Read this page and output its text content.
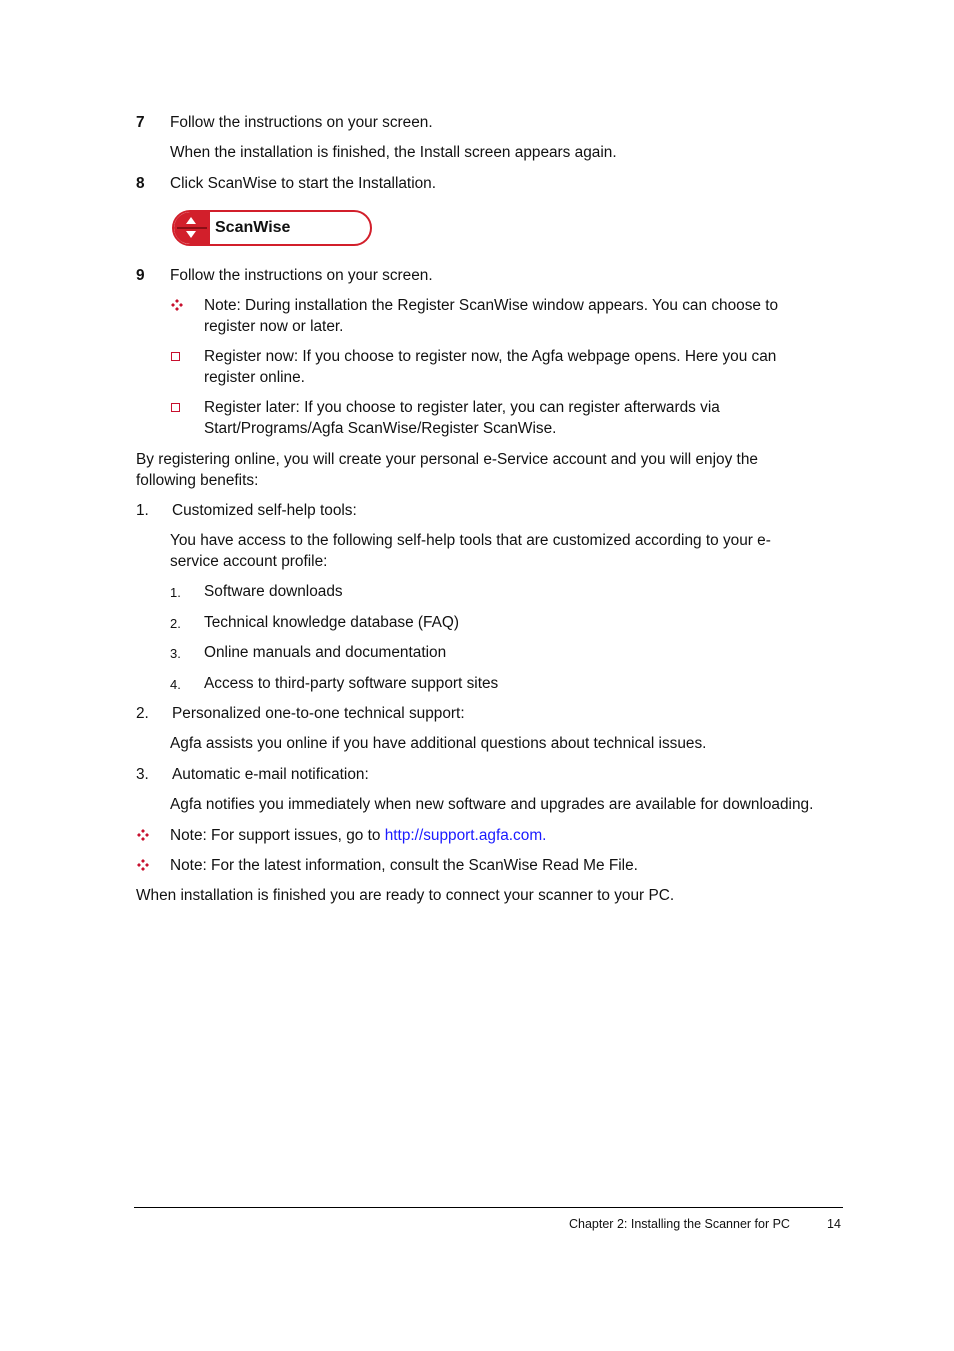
7 Follow the instructions on your screen.
When the installation is finished, the Install screen appears again.
8 Click ScanWise to start the Installation.
ScanWise
9 Follow the instructions on your screen.
Note: During installation the Register ScanWise window appears. You can choose to
register now or later.
Register now: If you choose to register now, the Agfa webpage opens. Here you can
register online.
Register later: If you choose to register later, you can register afterwards via
Start/Programs/Agfa ScanWise/Register ScanWise.
By registering online, you will create your personal e-Service account and you will enjoy the
following benefits:
1. Customized self-help tools:
You have access to the following self-help tools that are customized according to your e-
service account profile:
1. Software downloads
2. Technical knowledge database (FAQ)
3. Online manuals and documentation
4. Access to third-party software support sites
2. Personalized one-to-one technical support:
Agfa assists you online if you have additional questions about technical issues.
3. Automatic e-mail notification:
Agfa notifies you immediately when new software and upgrades are available for downloading.
Note: For support issues, go to http://support.agfa.com.
Note: For the latest information, consult the ScanWise Read Me File.
When installation is finished you are ready to connect your scanner to your PC.
Chapter 2: Installing the Scanner for PC	14
